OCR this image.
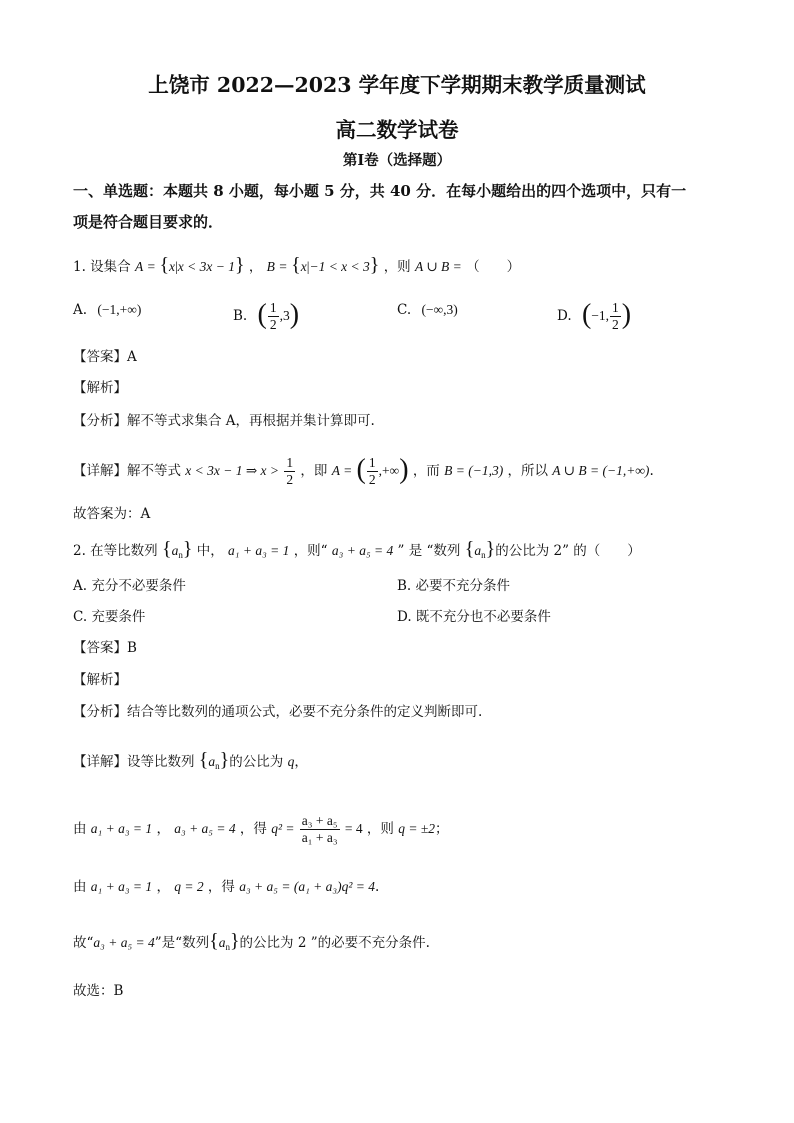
上饶市 2022—2023 学年度下学期期末教学质量测试
高二数学试卷
第Ⅰ卷（选择题）
一、单选题：本题共 8 小题，每小题 5 分，共 40 分．在每小题给出的四个选项中，只有一
项是符合题目要求的．
1. 设集合 A = {x|x < 3x − 1} ， B = {x|−1 < x < 3} ，则 A ∪ B = （　　）
A. (−1,+∞)	B. ( $\frac{1}{2} ,3$)	C. (−∞,3)	D. (−1, $\frac{1}{2}$ )
【答案】A
【解析】
【分析】解不等式求集合 A，再根据并集计算即可.
【详解】解不等式 x < 3x − 1 ⇒ $x > \frac{1}{2}$ ，即 A = ( $\frac{1}{2}$ ,+∞) ，而 B = (−1,3) ，所以 A ∪ B = (−1,+∞).
故答案为：A
2. 在等比数列 $\{a_n\}$ 中， a₁ + a₃ = 1 ，则“ a₃ + a₅ = 4 ” 是 “数列 $\{a_n\}$的公比为 2” 的（　　）
A. 充分不必要条件	B. 必要不充分条件
C. 充要条件	D. 既不充分也不必要条件
【答案】B
【解析】
【分析】结合等比数列的通项公式，必要不充分条件的定义判断即可.
【详解】设等比数列 $\{a_n\}$的公比为 q，
由 a₁ + a₃ = 1 ， a₃ + a₅ = 4 ，得 $q^2 = \frac{\text{a₃ + a₅}}{\text{a₁ + a₃}} = 4$ ，则 q = ±2；
由 a₁ + a₃ = 1 ， q = 2 ，得 a₃ + a₅ = (a₁ + a₃)q² = 4.
故“a₃ + a₅ = 4”是“数列$\{a_n\}$的公比为 2 ”的必要不充分条件.
故选：B
